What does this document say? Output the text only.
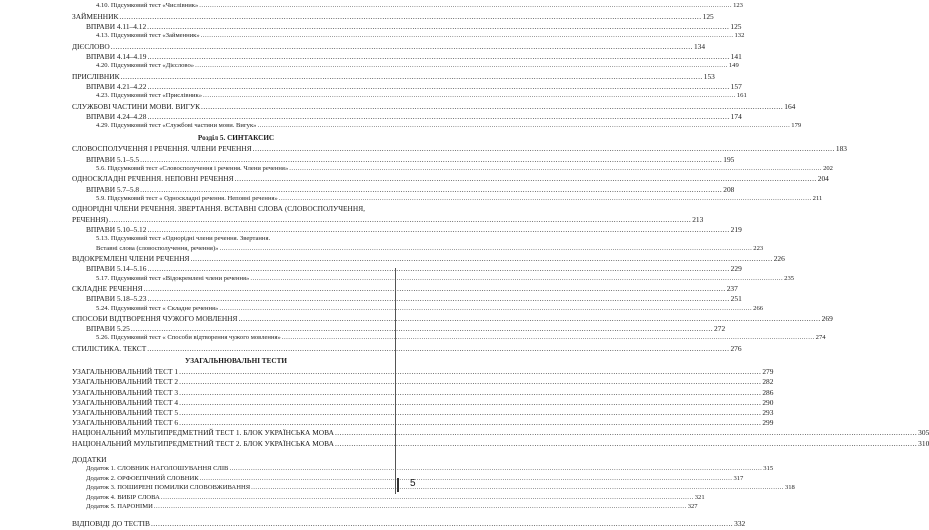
4.10. Підсумковий тест «Числівник» .....	123
ЗАЙМЕННИК .....	125
ВПРАВИ 4.11–4.12 .....	125
4.13. Підсумковий тест «Займенник» .....	132
ДІЄСЛОВО .....	134
ВПРАВИ 4.14–4.19 .....	141
4.20. Підсумковий тест «Дієслово» .....	149
ПРИСЛІВНИК .....	153
ВПРАВИ 4.21–4.22 .....	157
4.23. Підсумковий тест «Прислівник» .....	161
СЛУЖБОВІ ЧАСТИНИ МОВИ. ВИГУК .....	164
ВПРАВИ 4.24–4.28 .....	174
4.29. Підсумковий тест «Службові частини мови. Вигук» .....	179
Розділ 5. СИНТАКСИС
СЛОВОСПОЛУЧЕННЯ І РЕЧЕННЯ. ЧЛЕНИ РЕЧЕННЯ .....	183
ВПРАВИ 5.1–5.5 .....	195
5.6. Підсумковий тест «Словосполучення і речення. Члени речення» .....	202
ОДНОСКЛАДНІ РЕЧЕННЯ. НЕПОВНІ РЕЧЕННЯ .....	204
ВПРАВИ 5.7–5.8 .....	208
5.9. Підсумковий тест « Односкладні речення. Неповні речення» .....	211
ОДНОРІДНІ ЧЛЕНИ РЕЧЕННЯ. ЗВЕРТАННЯ. ВСТАВНІ СЛОВА (СЛОВОСПОЛУЧЕННЯ,
РЕЧЕННЯ) .....	213
ВПРАВИ 5.10–5.12 .....	219
5.13. Підсумковий тест «Однорідні члени речення. Звертання.
Вставні слова (словосполучення, речення)» .....	223
ВІДОКРЕМЛЕНІ ЧЛЕНИ РЕЧЕННЯ .....	226
ВПРАВИ 5.14–5.16 .....	229
5.17. Підсумковий тест «Відокремлені члени речення» .....	235
СКЛАДНЕ РЕЧЕННЯ .....	237
ВПРАВИ 5.18–5.23 .....	251
5.24. Підсумковий тест « Складне речення» .....	266
СПОСОБИ ВІДТВОРЕННЯ ЧУЖОГО МОВЛЕННЯ .....	269
ВПРАВИ 5.25 .....	272
5.26. Підсумковий тест « Способи відтворення чужого мовлення» .....	274
СТИЛІСТИКА. ТЕКСТ .....	276
УЗАГАЛЬНЮВАЛЬНІ ТЕСТИ
УЗАГАЛЬНЮВАЛЬНИЙ ТЕСТ 1 .....	279
УЗАГАЛЬНЮВАЛЬНИЙ ТЕСТ 2 .....	282
УЗАГАЛЬНЮВАЛЬНИЙ ТЕСТ 3 .....	286
УЗАГАЛЬНЮВАЛЬНИЙ ТЕСТ 4 .....	290
УЗАГАЛЬНЮВАЛЬНИЙ ТЕСТ 5 .....	293
УЗАГАЛЬНЮВАЛЬНИЙ ТЕСТ 6 .....	299
НАЦІОНАЛЬНИЙ МУЛЬТИПРЕДМЕТНИЙ ТЕСТ 1. БЛОК УКРАЇНСЬКА МОВА .....	305
НАЦІОНАЛЬНИЙ МУЛЬТИПРЕДМЕТНИЙ ТЕСТ 2. БЛОК УКРАЇНСЬКА МОВА .....	310
ДОДАТКИ
Додаток 1. СЛОВНИК НАГОЛОШУВАННЯ СЛІВ .....	315
Додаток 2. ОРФОЕПІЧНИЙ СЛОВНИК .....	317
Додаток 3. ПОШИРЕНІ ПОМИЛКИ СЛОВОВЖИВАННЯ .....	318
Додаток 4. ВИБІР СЛОВА .....	321
Додаток 5. ПАРОНІМИ .....	327
ВІДПОВІДІ ДО ТЕСТІВ .....	332
5
